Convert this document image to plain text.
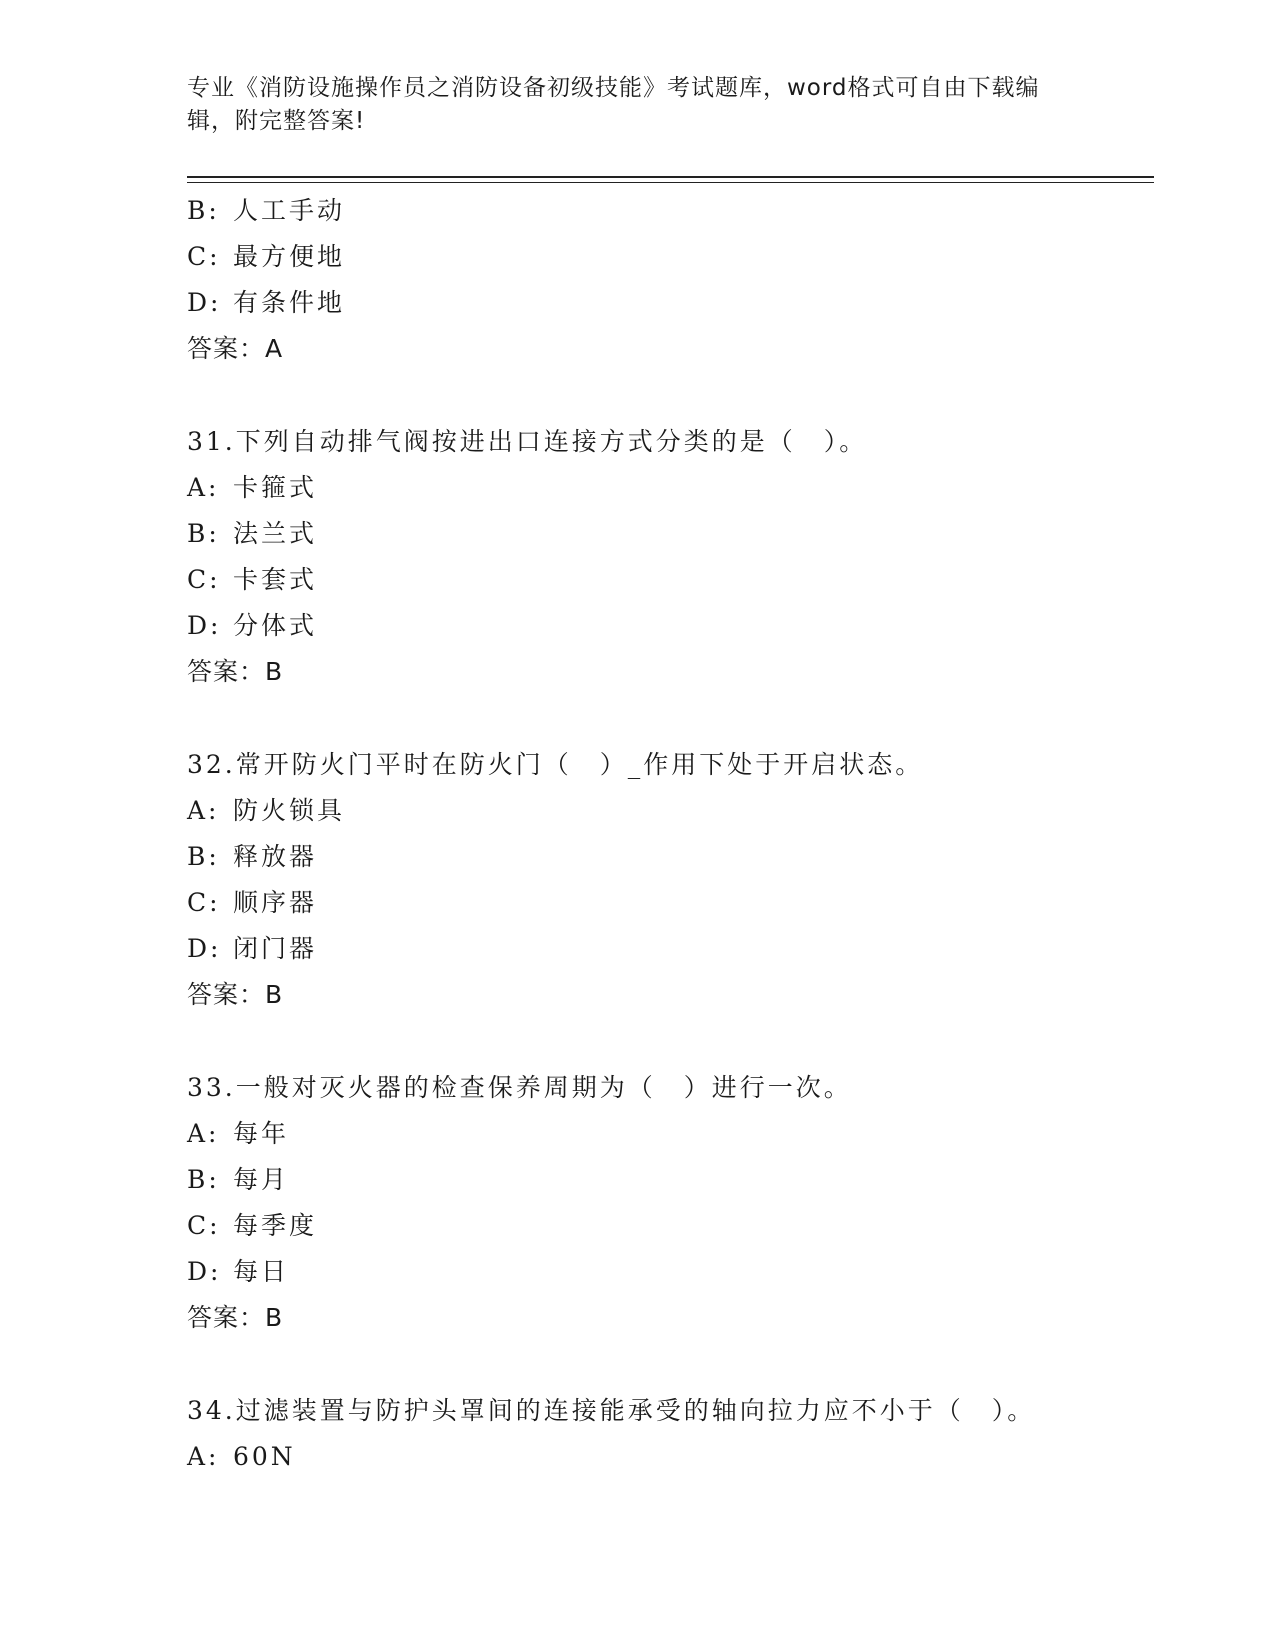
专业《消防设施操作员之消防设备初级技能》考试题库，word格式可自由下载编
辑，附完整答案!
B: 人工手动
C: 最方便地
D: 有条件地
答案：A
31.下列自动排气阀按进出口连接方式分类的是（　）。
A: 卡箍式
B: 法兰式
C: 卡套式
D: 分体式
答案：B
32.常开防火门平时在防火门（　）_作用下处于开启状态。
A: 防火锁具
B: 释放器
C: 顺序器
D: 闭门器
答案：B
33.一般对灭火器的检查保养周期为（　）进行一次。
A: 每年
B: 每月
C: 每季度
D: 每日
答案：B
34.过滤装置与防护头罩间的连接能承受的轴向拉力应不小于（　）。
A: 60N
